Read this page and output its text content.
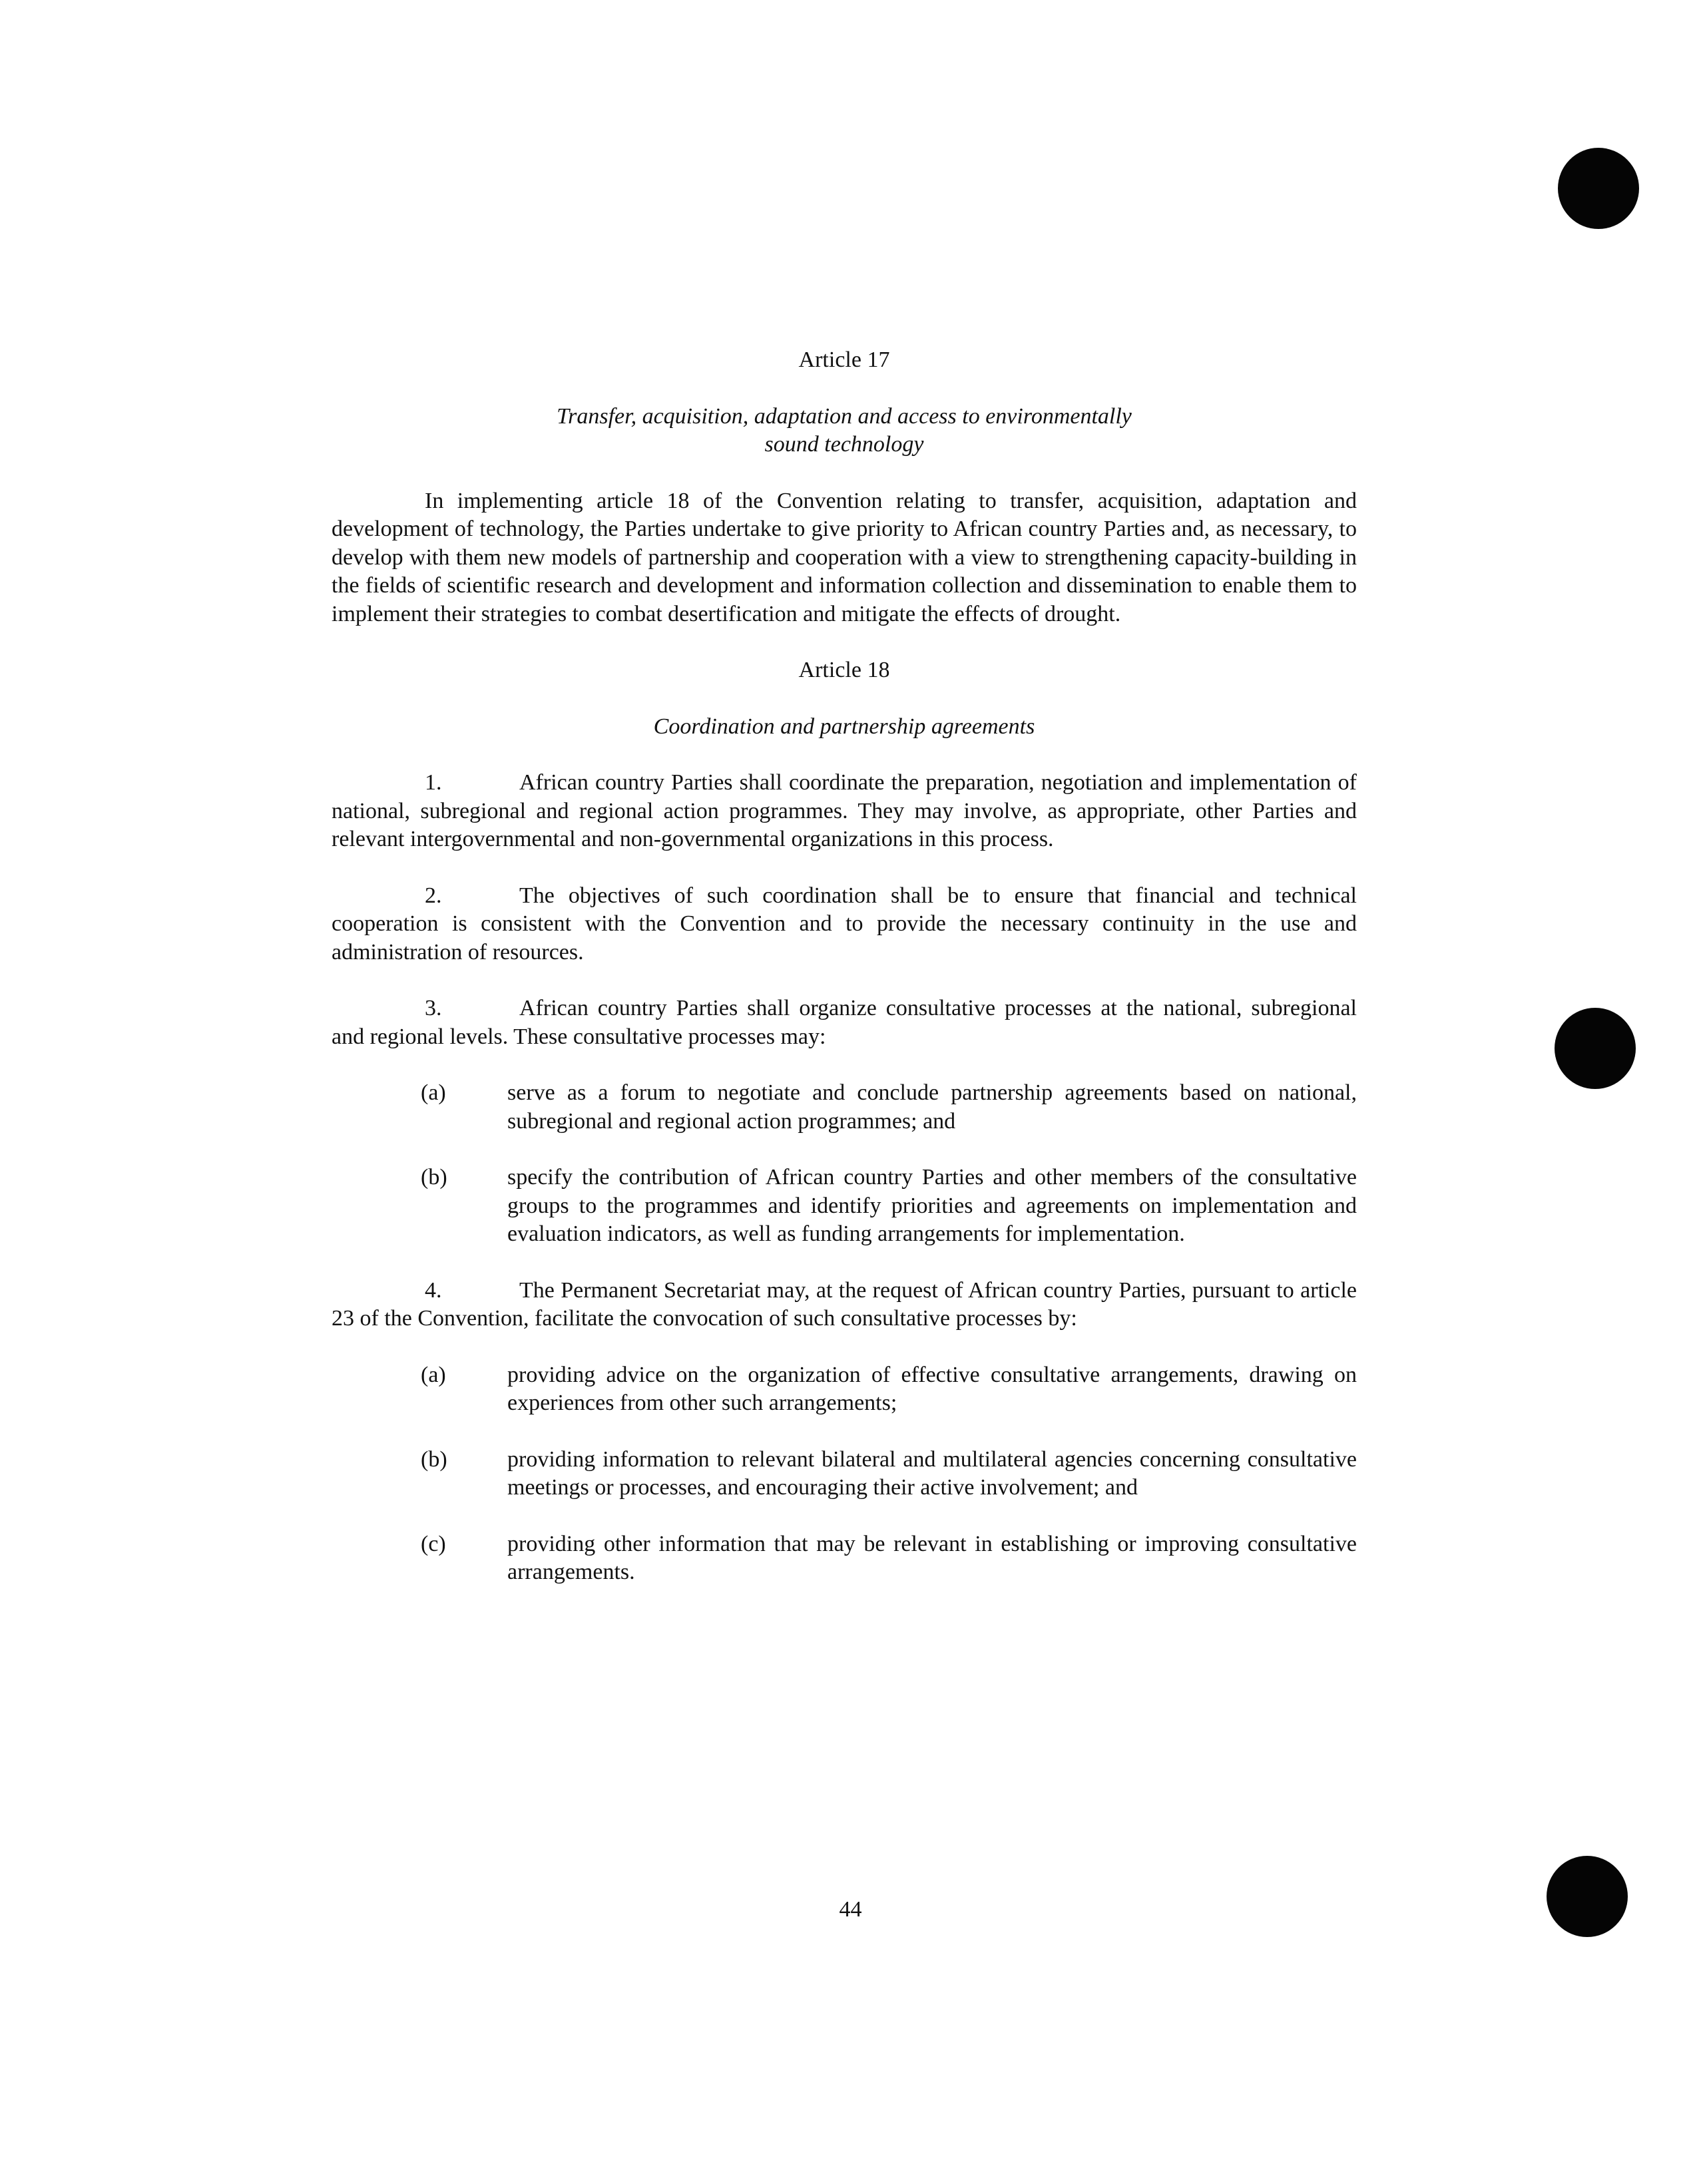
Article 17

Transfer, acquisition, adaptation and access to environmentally

sound technology

In implementing article 18 of the Convention relating to transfer, acquisition, adaptation and development of technology, the Parties undertake to give priority to African country Parties and, as necessary, to develop with them new models of partnership and cooperation with a view to strengthening capacity-building in the fields of scientific research and development and information collection and dissemination to enable them to implement their strategies to combat desertification and mitigate the effects of drought.

Article 18

Coordination and partnership agreements

1.	African country Parties shall coordinate the preparation, negotiation and implementation of national, subregional and regional action programmes. They may involve, as appropriate, other Parties and relevant intergovernmental and non-governmental organizations in this process.

2.	The objectives of such coordination shall be to ensure that financial and technical cooperation is consistent with the Convention and to provide the necessary continuity in the use and administration of resources.

3.	African country Parties shall organize consultative processes at the national, subregional and regional levels. These consultative processes may:

(a)	serve as a forum to negotiate and conclude partnership agreements based on national, subregional and regional action programmes; and
(b)	specify the contribution of African country Parties and other members of the consultative groups to the programmes and identify priorities and agreements on implementation and evaluation indicators, as well as funding arrangements for implementation.

4.	The Permanent Secretariat may, at the request of African country Parties, pursuant to article 23 of the Convention, facilitate the convocation of such consultative processes by:

(a)	providing advice on the organization of effective consultative arrangements, drawing on experiences from other such arrangements;
(b)	providing information to relevant bilateral and multilateral agencies concerning consultative meetings or processes, and encouraging their active involvement; and
(c)	providing other information that may be relevant in establishing or improving consultative arrangements.
44
